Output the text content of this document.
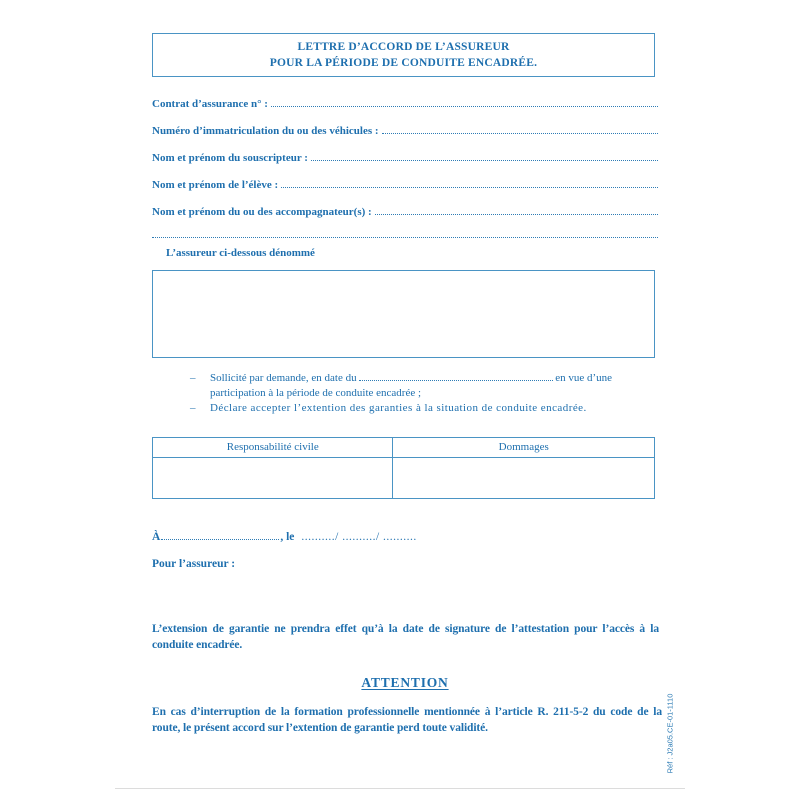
LETTRE D’ACCORD DE L’ASSUREUR
POUR LA PÉRIODE DE CONDUITE ENCADRÉE.
Contrat d’assurance n° :
Numéro d’immatriculation du ou des véhicules :
Nom et prénom du souscripteur :
Nom et prénom de l’élève :
Nom et prénom du ou des accompagnateur(s) :
L’assureur ci-dessous dénommé
–	Sollicité par demande, en date du	en vue d’une
participation à la période de conduite encadrée ;
–	Déclare accepter l’extention des garanties à la situation de conduite encadrée.
Responsabilité civile	Dommages
À	, le ........../ ........../ ..........
Pour l’assureur :
L’extension de garantie ne prendra effet qu’à la date de signature de l’attestation pour l’accès à la conduite encadrée.
ATTENTION
En cas d’interruption de la formation professionnelle mentionnée à l’article R. 211-5-2 du code de la route, le présent accord sur l’extention de garantie perd toute validité.	Réf : J2a05.CE-01-1110
